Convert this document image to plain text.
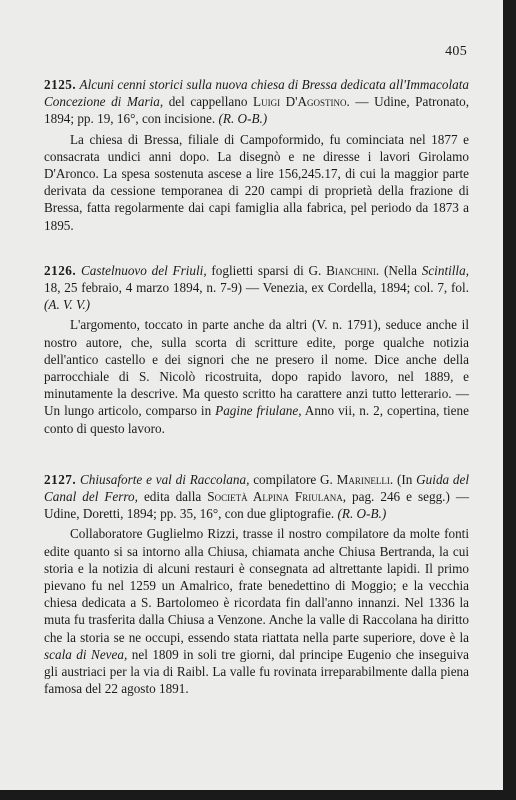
405

2125. Alcuni cenni storici sulla nuova chiesa di Bressa dedicata all'Immacolata Concezione di Maria, del cappellano Luigi D'Agostino. — Udine, Patronato, 1894; pp. 19, 16°, con incisione. (R. O-B.)

La chiesa di Bressa, filiale di Campoformido, fu cominciata nel 1877 e consacrata undici anni dopo. La disegnò e ne diresse i lavori Girolamo D'Aronco. La spesa sostenuta ascese a lire 156,245.17, di cui la maggior parte derivata da cessione temporanea di 220 campi di proprietà della frazione di Bressa, fatta regolarmente dai capi famiglia alla fabrica, pel periodo da 1873 a 1895.

2126. Castelnuovo del Friuli, foglietti sparsi di G. Bianchini. (Nella Scintilla, 18, 25 febraio, 4 marzo 1894, n. 7-9) — Venezia, ex Cordella, 1894; col. 7, fol. (A. V. V.)

L'argomento, toccato in parte anche da altri (V. n. 1791), seduce anche il nostro autore, che, sulla scorta di scritture edite, porge qualche notizia dell'antico castello e dei signori che ne presero il nome. Dice anche della parrocchiale di S. Nicolò ricostruita, dopo rapido lavoro, nel 1889, e minutamente la descrive. Ma questo scritto ha carattere anzi tutto letterario. — Un lungo articolo, comparso in Pagine friulane, Anno vii, n. 2, copertina, tiene conto di questo lavoro.

2127. Chiusaforte e val di Raccolana, compilatore G. Marinelli. (In Guida del Canal del Ferro, edita dalla Società Alpina Friulana, pag. 246 e segg.) — Udine, Doretti, 1894; pp. 35, 16°, con due gliptografie. (R. O-B.)

Collaboratore Guglielmo Rizzi, trasse il nostro compilatore da molte fonti edite quanto si sa intorno alla Chiusa, chiamata anche Chiusa Bertranda, la cui storia e la notizia di alcuni restauri è consegnata ad altrettante lapidi. Il primo pievano fu nel 1259 un Amalrico, frate benedettino di Moggio; e la vecchia chiesa dedicata a S. Bartolomeo è ricordata fin dall'anno innanzi. Nel 1336 la muta fu trasferita dalla Chiusa a Venzone. Anche la valle di Raccolana ha diritto che la storia se ne occupi, essendo stata riattata nella parte superiore, dove è la scala di Nevea, nel 1809 in soli tre giorni, dal principe Eugenio che inseguiva gli austriaci per la via di Raibl. La valle fu rovinata irreparabilmente dalla piena famosa del 22 agosto 1891.
